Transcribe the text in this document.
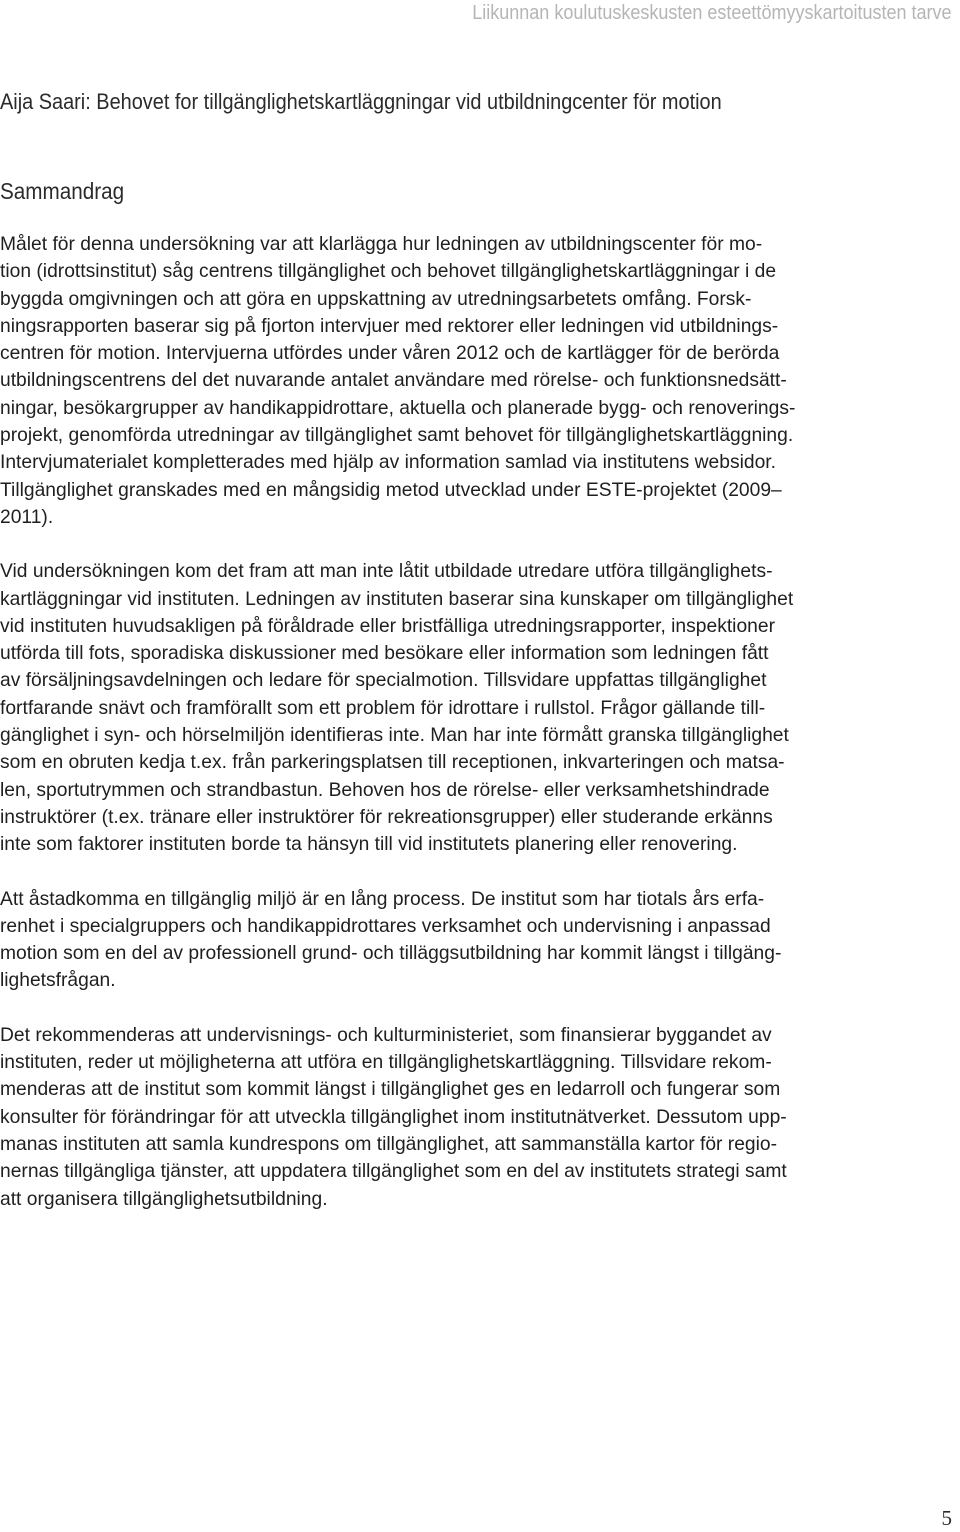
Liikunnan koulutuskeskusten esteettömyyskartoitusten tarve
Aija Saari: Behovet for tillgänglighetskartläggningar vid utbildningcenter för motion
Sammandrag
Målet för denna undersökning var att klarlägga hur ledningen av utbildningscenter för mo-
tion (idrottsinstitut) såg centrens tillgänglighet och behovet tillgänglighetskartläggningar i de
byggda omgivningen och att göra en uppskattning av utredningsarbetets omfång. Forsk-
ningsrapporten baserar sig på fjorton intervjuer med rektorer eller ledningen vid utbildnings-
centren för motion. Intervjuerna utfördes under våren 2012 och de kartlägger för de berörda
utbildningscentrens del det nuvarande antalet användare med rörelse- och funktionsnedsätt-
ningar, besökargrupper av handikappidrottare, aktuella och planerade bygg- och renoverings-
projekt, genomförda utredningar av tillgänglighet samt behovet för tillgänglighetskartläggning.
Intervjumaterialet kompletterades med hjälp av information samlad via institutens websidor.
Tillgänglighet granskades med en mångsidig metod utvecklad under ESTE-projektet (2009–
2011).
Vid undersökningen kom det fram att man inte låtit utbildade utredare utföra tillgänglighets-
kartläggningar vid instituten. Ledningen av instituten baserar sina kunskaper om tillgänglighet
vid instituten huvudsakligen på föråldrade eller bristfälliga utredningsrapporter, inspektioner
utförda till fots, sporadiska diskussioner med besökare eller information som ledningen fått
av försäljningsavdelningen och ledare för specialmotion. Tillsvidare uppfattas tillgänglighet
fortfarande snävt och framförallt som ett problem för idrottare i rullstol. Frågor gällande till-
gänglighet i syn- och hörselmiljön identifieras inte. Man har inte förmått granska tillgänglighet
som en obruten kedja t.ex. från parkeringsplatsen till receptionen, inkvarteringen och matsa-
len, sportutrymmen och strandbastun. Behoven hos de rörelse- eller verksamhetshindrade
instruktörer (t.ex. tränare eller instruktörer för rekreationsgrupper) eller studerande erkänns
inte som faktorer instituten borde ta hänsyn till vid institutets planering eller renovering.
Att åstadkomma en tillgänglig miljö är en lång process. De institut som har tiotals års erfa-
renhet i specialgruppers och handikappidrottares verksamhet och undervisning i anpassad
motion som en del av professionell grund- och tilläggsutbildning har kommit längst i tillgäng-
lighetsfrågan.
Det rekommenderas att undervisnings- och kulturministeriet, som finansierar byggandet av
instituten, reder ut möjligheterna att utföra en tillgänglighetskartläggning. Tillsvidare rekom-
menderas att de institut som kommit längst i tillgänglighet ges en ledarroll och fungerar som
konsulter för förändringar för att utveckla tillgänglighet inom institutnätverket. Dessutom upp-
manas instituten att samla kundrespons om tillgänglighet, att sammanställa kartor för regio-
nernas tillgängliga tjänster, att uppdatera tillgänglighet som en del av institutets strategi samt
att organisera tillgänglighetsutbildning.
5
